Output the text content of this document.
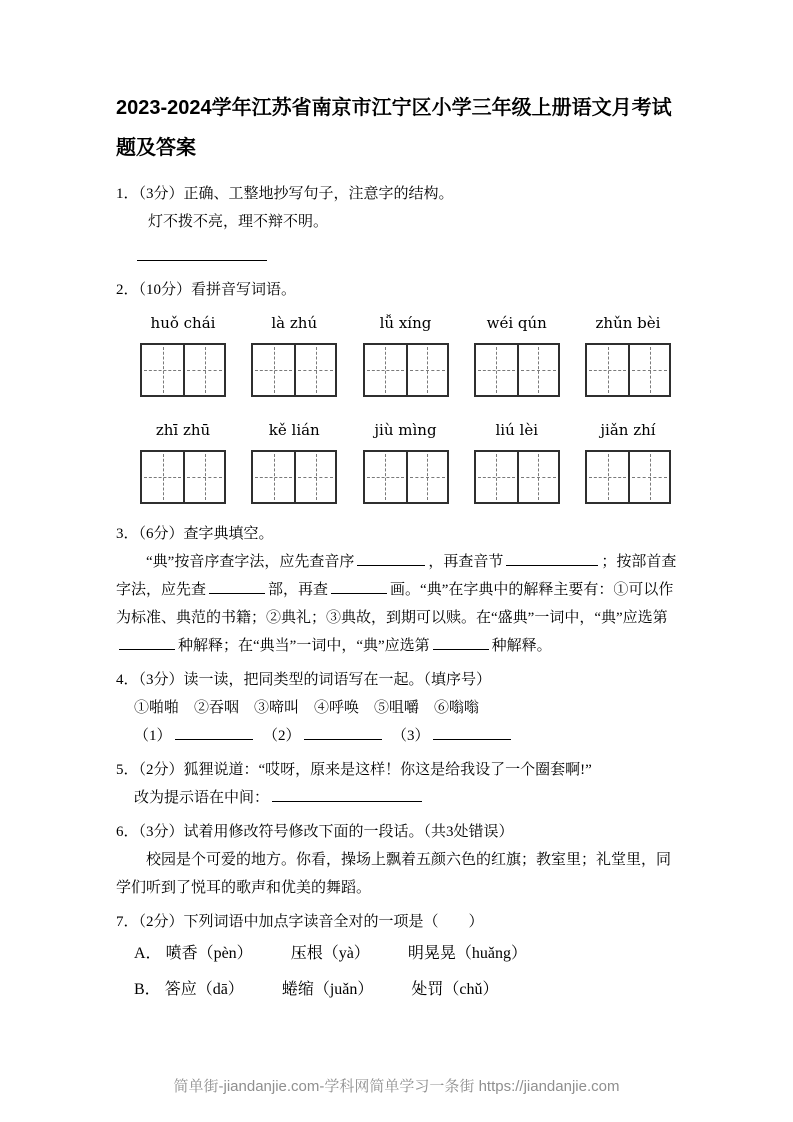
2023-2024学年江苏省南京市江宁区小学三年级上册语文月考试题及答案
1．（3分）正确、工整地抄写句子，注意字的结构。
灯不拨不亮，理不辩不明。
2．（10分）看拼音写词语。
huǒ chái	là zhú	lǚ xíng	wéi qún	zhǔn bèi
zhī zhū	kě lián	jiù mìng	liú lèi	jiǎn zhí
3．（6分）查字典填空。

“典”按音序查字法，应先查音序	，再查音节	；按部首查字法，应先查	部，再查	画。“典”在字典中的解释主要有：①可以作为标准、典范的书籍；②典礼；③典故，到期可以赎。在“盛典”一词中，“典”应选第种解释；在“典当”一词中，“典”应选第	种解释。

4．（3分）读一读，把同类型的词语写在一起。（填序号）
①啪啪　②吞咽　③啼叫　④呼唤　⑤咀嚼　⑥嗡嗡
（1）	　（2）	　（3）
5．（2分）狐狸说道：“哎呀，原来是这样！你这是给我设了一个圈套啊!”
改为提示语在中间：
6．（3分）试着用修改符号修改下面的一段话。（共3处错误）

校园是个可爱的地方。你看，操场上飘着五颜六色的红旗；教室里；礼堂里，同学们听到了悦耳的歌声和优美的舞蹈。

7．（2分）下列词语中加点字读音全对的一项是（　　）
A． 喷 •香（pèn） 压 •根（yà） 明晃 •晃（huǎng）
B． 答 •应（dā） 蜷 •缩（juǎn） 处 •罚（chǔ）
简单街-jiandanjie.com-学科网简单学习一条街 https://jiandanjie.com
